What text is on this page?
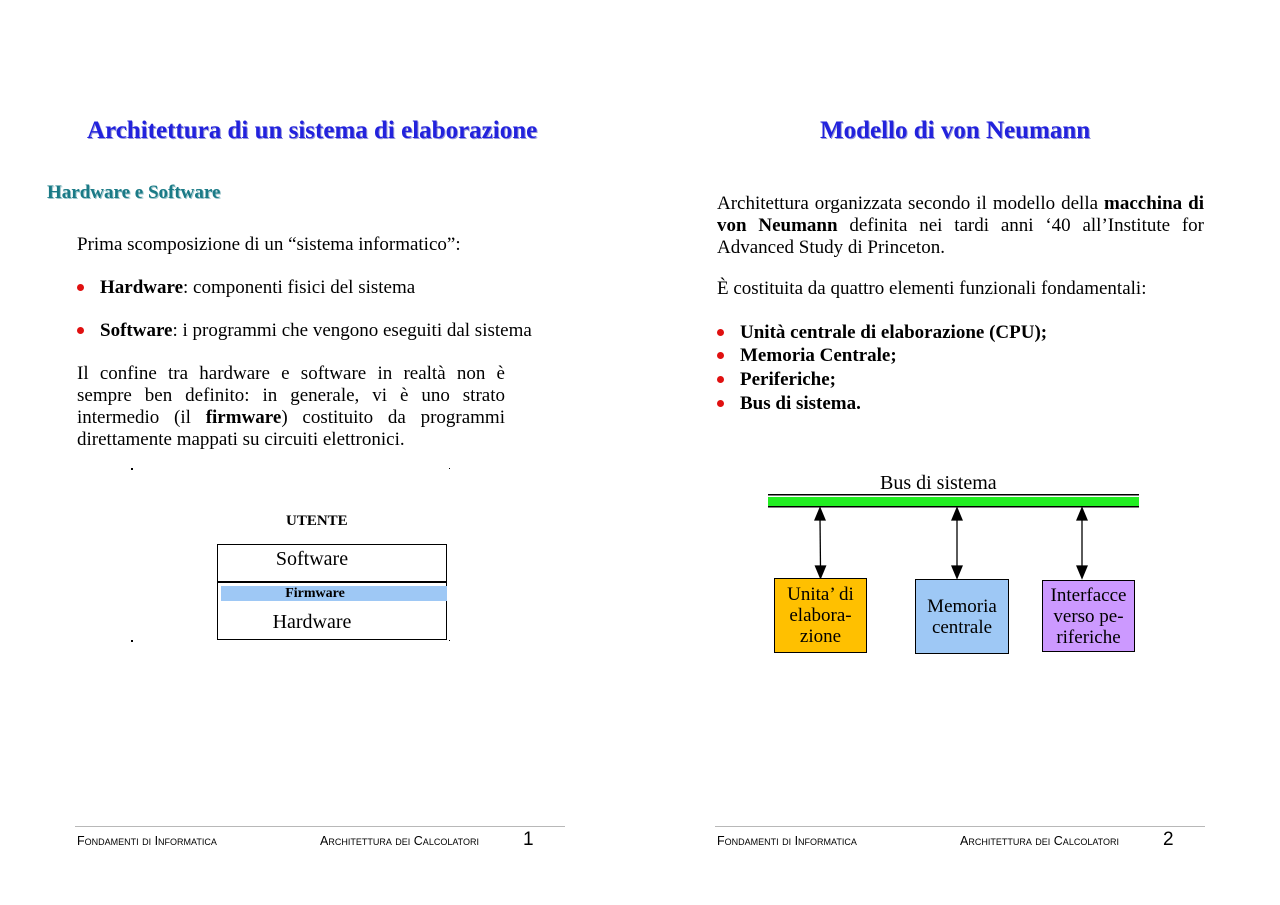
Architettura di un sistema di elaborazione
Hardware e Software
Prima scomposizione di un “sistema informatico”:
Hardware: componenti fisici del sistema
Software: i programmi che vengono eseguiti dal sistema
Il confine tra hardware e software in realtà non è sempre ben definito: in generale, vi è uno strato intermedio (il firmware) costituito da programmi direttamente mappati su circuiti elettronici.
UTENTE
Software
Firmware
Hardware
Fondamenti di Informatica	Architettura dei Calcolatori 1
Modello di von Neumann
Architettura organizzata secondo il modello della macchina di von Neumann definita nei tardi anni ‘40 all’Institute for Advanced Study di Princeton.
È costituita da quattro elementi funzionali fondamentali:
Unità centrale di elaborazione (CPU);
Memoria Centrale;
Periferiche;
Bus di sistema.
Bus di sistema
Unita’ di elabora- zione
Memoria centrale
Interfacce verso pe- riferiche
Fondamenti di Informatica	Architettura dei Calcolatori 2
